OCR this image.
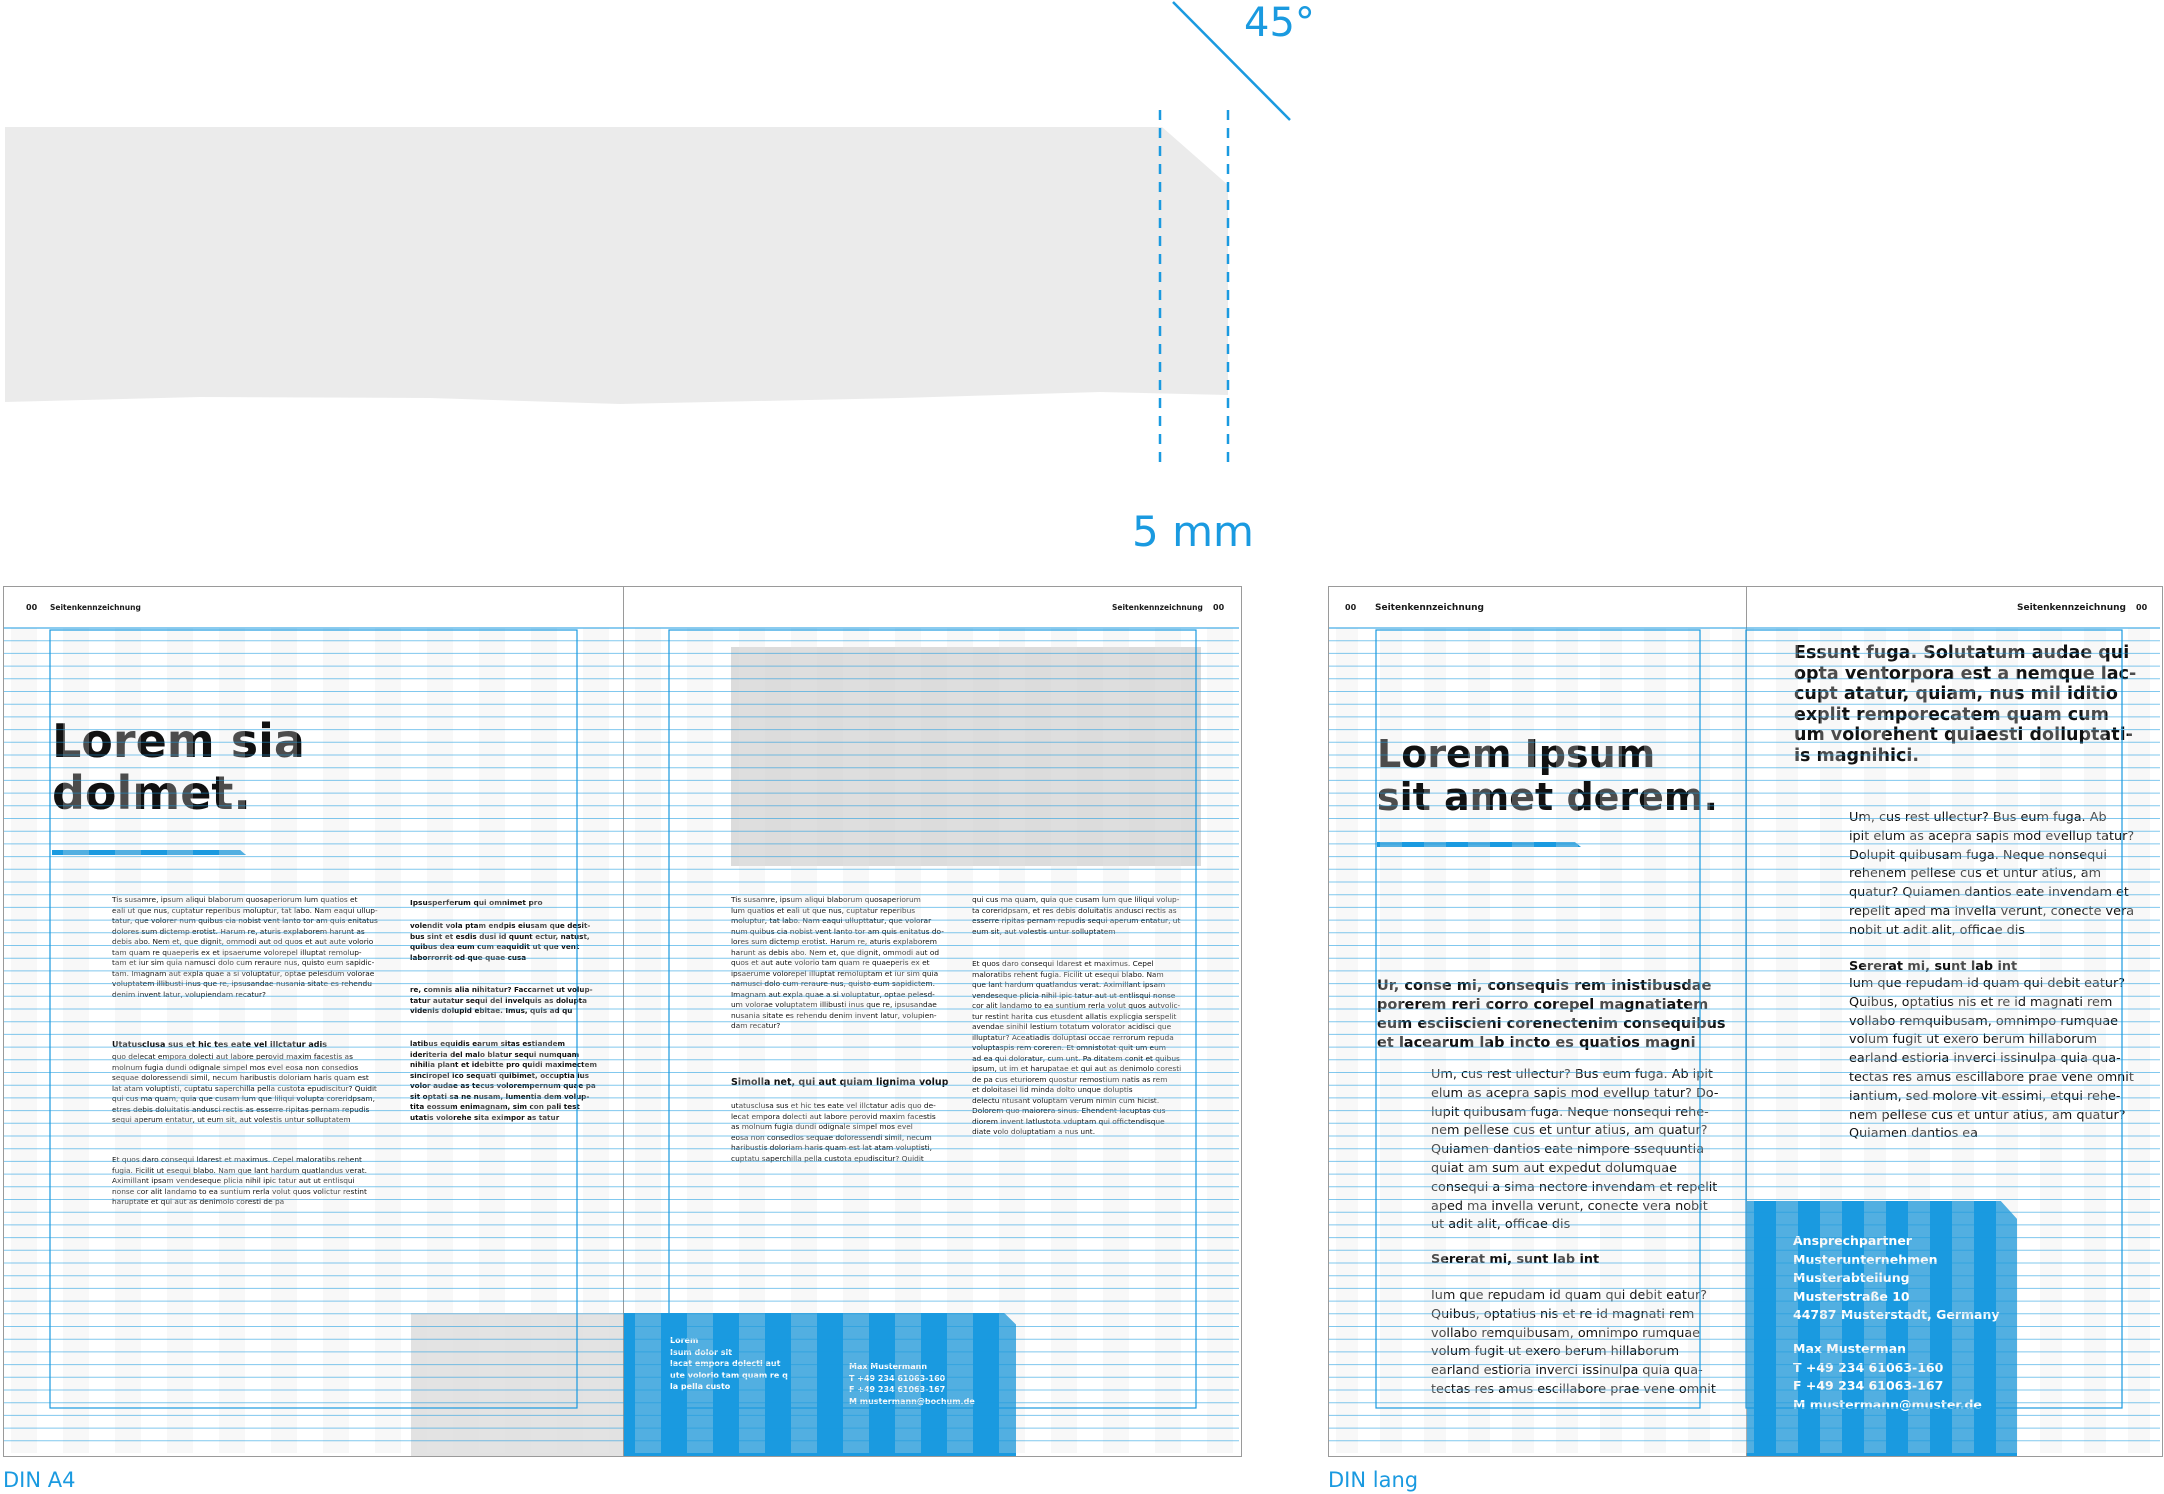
45°
5 mm
Lorem
Isum dolor sit
lacat empora dolecti aut
ute volorio tam quam re q
la pella custo
Max Mustermann
T +49 234 61063-160
+49 234 61063-167
M mustermann@bochum.de
00 Seitenkennzeichnung	Seitenkennzeichnung 00
Lorem sia
dolmet.
Tis susamre, ipsum aliqui blaborum quosaperiorum lum quatios et
eali ut que nus, cuptatur reperibus moluptur, tat labo. Nam eaqui ullup-
tatur, que volorer num quibus cia nobist vent lanto tor am quis enitatus
dolores sum dictemp erotist. Harum re, aturis explaborem harunt as
debis abo. Nem et, que dignit, ommodi aut od quos et aut aute volorio
tam quam re quaeperis ex et ipsaerume volorepel illuptat remolup-
tam et iur sim quia namusci dolo cum reraure nus, quisto eum sapidic-
tam. Imagnam aut expla quae a si voluptatur, optae pelesdum volorae
voluptatem illibusti inus que re, ipsusandae nusania sitate es rehendu
denim invent latur, volupiendam recatur?
Utatusclusa sus et hic tes eate vel illctatur adis
quo delecat empora dolecti aut labore perovid maxim facestis as
molnum fugia dundi odignale simpel mos evel eosa non consedios
sequae doloressendi simil, necum haribustis doloriam haris quam est
lat atam voluptisti, cuptatu saperchilla pella custota epudiscitur? Quidit
qui cus ma quam, quia que cusam lum que liliqui volupta coreridpsam,
etres debis doluitatis andusci rectis as esserre ripitas pernam repudis
sequi aperum entatur, ut eum sit, aut volestis untur solluptatem
Et quos daro consequi ldarest et maximus. Cepel maloratibs rehent
fugia. Ficilit ut esequi blabo. Nam que lant hardum quatlandus verat.
Aximillant ipsam vendeseque plicia nihil ipic tatur aut ut entlisqui
nonse cor alit landamo to ea suntium rerla volut quos volictur restint
haruptate et qui aut as denimolo coresti de pa
Ipsusperferum qui omnimet pro
volendit vola ptam endpis eiusam que desit-
bus sint et esdis dusi id quunt ectur, natust,
quibus dea eum cum eaquidit ut que vent
laborrorrit od que quae cusa
re, comnis alia nihitatur? Faccarnet ut volup-
tatur autatur sequi del invelquis as dolupta
videnis dolupid ebitae. Imus, quis ad qu
latibus equidis earum sitas estiandem
ideriteria del malo blatur sequi numquam
nihilia plant et idebitte pro quidi maximectem
sinciropel ico sequati quibimet, occuptia ius
volor audae as tecus volorempernum quae pa
sit optati sa ne nusam, lumentia dem volup-
tita eossum enimagnam, sim con pali test
utatis volorehe sita eximpor as tatur
Tis susamre, ipsum aliqui blaborum quosaperiorum
lum quatios et eali ut que nus, cuptatur reperibus
moluptur, tat labo. Nam eaqui ullupttatur, que volorar
num quibus cia nobist vent lanto tor am quis enitatus do-
lores sum dictemp erotist. Harum re, aturis explaborem
harunt as debis abo. Nem et, que dignit, ommodi aut od
quos et aut aute volorio tam quam re quaeperis ex et
ipsaerume volorepel illuptat remoluptam et iur sim quia
namusci dolo cum reraure nus, quisto eum sapidictem.
Imagnam aut expla quae a si voluptatur, optae pelesd-
um volorae voluptatem illibusti inus que re, ipsusandae
nusania sitate es rehendu denim invent latur, volupien-
dam recatur?
Simolla net, qui aut quiam lignima volup
utatusclusa sus et hic tes eate vel illctatur adis quo de-
lecat empora dolecti aut labore perovid maxim facestis
as molnum fugia dundi odignale simpel mos evel
eosa non consedios sequae doloressendi simil, necum
haribustis doloriam haris quam est lat atam voluptisti,
cuptatu saperchilla pella custota epudiscitur? Quidit
qui cus ma quam, quia que cusam lum que liliqui volup-
ta coreridpsam, et res debis doluitatis andusci rectis as
esserre ripitas pernam repudis sequi aperum entatur, ut
eum sit, aut volestis untur solluptatem
Et quos daro consequi ldarest et maximus. Cepel
maloratibs rehent fugia. Ficilit ut esequi blabo. Nam
que lant hardum quatlandus verat. Aximillant ipsam
vendeseque plicia nihil ipic tatur aut ut entlisqui nonse
cor alit landamo to ea suntium rerla volut quos autvolic-
tur restint harita cus etusdent allatis explicgia serspelit
avendae sinihil lestium totatum volorator acidisci que
illuptatur? Aceatiadis doluptasi occae rerrorum repuda
voluptaspis rem coreren. Et omnistotat quit um eum
ad ea qui doloratur, cum unt. Pa ditatem conit et quibus
ipsum, ut im et harupatae et qui aut as denimolo coresti
de pa cus eturiorem quostur remostium natis as rem
et doloitasei lid minda dolto unque doluptis
delectu ntusant voluptam verum nimin cum hicist.
Dolorem quo maiorera sinus. Ehendent lacuptas cus
diorem invent latlustota vduptam qui offictendisque
diate volo doluptatiam a nus unt.
DIN A4
Ansprechpartner
Musterunternehmen
Musterabteilung
Musterstraße 10
44787 Musterstadt, Germany
Max Musterman
T +49 234 61063-160
F +49 234 61063-167
M mustermann@muster.de
00 Seitenkennzeichnung	Seitenkennzeichnung 00
Lorem Ipsum
sit amet derem.
Ur, conse mi, consequis rem inistibusdae
porerem reri corro corepel magnatiatem
eum esciiscieni corenectenim consequibus
et lacearum lab incto es quatios magni
Um, cus rest ullectur? Bus eum fuga. Ab ipit
elum as acepra sapis mod evellup tatur? Do-
lupit quibusam fuga. Neque nonsequi rehe-
nem pellese cus et untur atius, am quatur?
Quiamen dantios eate nimpore ssequuntia
quiat am sum aut expedut dolumquae
consequi a sima nectore invendam et repelit
aped ma invella verunt, conecte vera nobit
ut adit alit, officae dis
Sererat mi, sunt lab int
Ium que repudam id quam qui debit eatur?
Quibus, optatius nis et re id magnati rem
vollabo remquibusam, omnimpo rumquae
volum fugit ut exero berum hillaborum
earland estioria inverci issinulpa quia qua-
tectas res amus escillabore prae vene omnit
Essunt fuga. Solutatum audae qui
opta ventorpora est a nemque lac-
cupt atatur, quiam, nus mil iditio
explit remporecatem quam cum
um volorehent quiaesti dolluptati-
is magnihici.
Um, cus rest ullectur? Bus eum fuga. Ab
ipit elum as acepra sapis mod evellup tatur?
Dolupit quibusam fuga. Neque nonsequi
rehenem pellese cus et untur atius, am
quatur? Quiamen dantios eate invendam et
repelit aped ma invella verunt, conecte vera
nobit ut adit alit, officae dis
Sererat mi, sunt lab int
Ium que repudam id quam qui debit eatur?
Quibus, optatius nis et re id magnati rem
vollabo remquibusam, omnimpo rumquae
volum fugit ut exero berum hillaborum
earland estioria inverci issinulpa quia qua-
tectas res amus escillabore prae vene omnit
iantium, sed molore vit essimi, etqui rehe-
nem pellese cus et untur atius, am quatur?
Quiamen dantios ea
DIN lang
